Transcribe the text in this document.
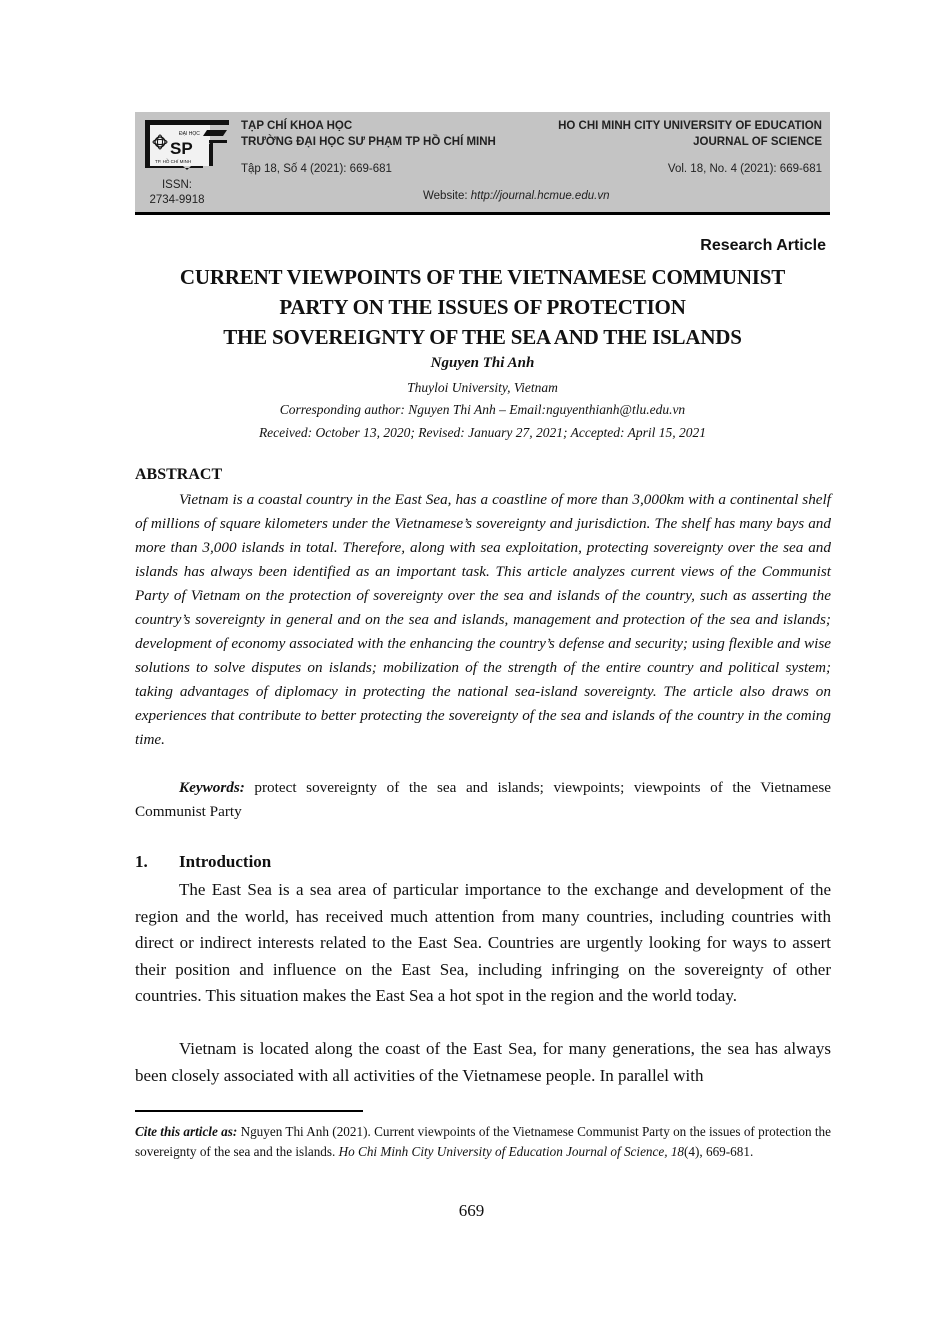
ĐẠI HỌC
SP
TP. HỒ CHÍ MINH
ISSN:
2734-9918
TẠP CHÍ KHOA HỌC
TRƯỜNG ĐẠI HỌC SƯ PHẠM TP HỒ CHÍ MINH
Tập 18, Số 4 (2021): 669-681
HO CHI MINH CITY UNIVERSITY OF EDUCATION
JOURNAL OF SCIENCE
Vol. 18, No. 4 (2021): 669-681
Website: http://journal.hcmue.edu.vn
Research Article
CURRENT VIEWPOINTS OF THE VIETNAMESE COMMUNIST
PARTY ON THE ISSUES OF PROTECTION
THE SOVEREIGNTY OF THE SEA AND THE ISLANDS
Nguyen Thi Anh
Thuyloi University, Vietnam
Corresponding author: Nguyen Thi Anh – Email:nguyenthianh@tlu.edu.vn
Received: October 13, 2020; Revised: January 27, 2021; Accepted: April 15, 2021
ABSTRACT

Vietnam is a coastal country in the East Sea, has a coastline of more than 3,000km with a continental shelf of millions of square kilometers under the Vietnamese’s sovereignty and jurisdiction. The shelf has many bays and more than 3,000 islands in total. Therefore, along with sea exploitation, protecting sovereignty over the sea and islands has always been identified as an important task. This article analyzes current views of the Communist Party of Vietnam on the protection of sovereignty over the sea and islands of the country, such as asserting the country’s sovereignty in general and on the sea and islands, management and protection of the sea and islands; development of economy associated with the enhancing the country’s defense and security; using flexible and wise solutions to solve disputes on islands; mobilization of the strength of the entire country and political system; taking advantages of diplomacy in protecting the national sea-island sovereignty. The article also draws on experiences that contribute to better protecting the sovereignty of the sea and islands of the country in the coming time.

Keywords: protect sovereignty of the sea and islands; viewpoints; viewpoints of the Vietnamese Communist Party

1. Introduction

The East Sea is a sea area of particular importance to the exchange and development of the region and the world, has received much attention from many countries, including countries with direct or indirect interests related to the East Sea. Countries are urgently looking for ways to assert their position and influence on the East Sea, including infringing on the sovereignty of other countries. This situation makes the East Sea a hot spot in the region and the world today.

Vietnam is located along the coast of the East Sea, for many generations, the sea has always been closely associated with all activities of the Vietnamese people. In parallel with

Cite this article as: Nguyen Thi Anh (2021). Current viewpoints of the Vietnamese Communist Party on the issues of protection the sovereignty of the sea and the islands. Ho Chi Minh City University of Education Journal of Science, 18(4), 669-681.

669
